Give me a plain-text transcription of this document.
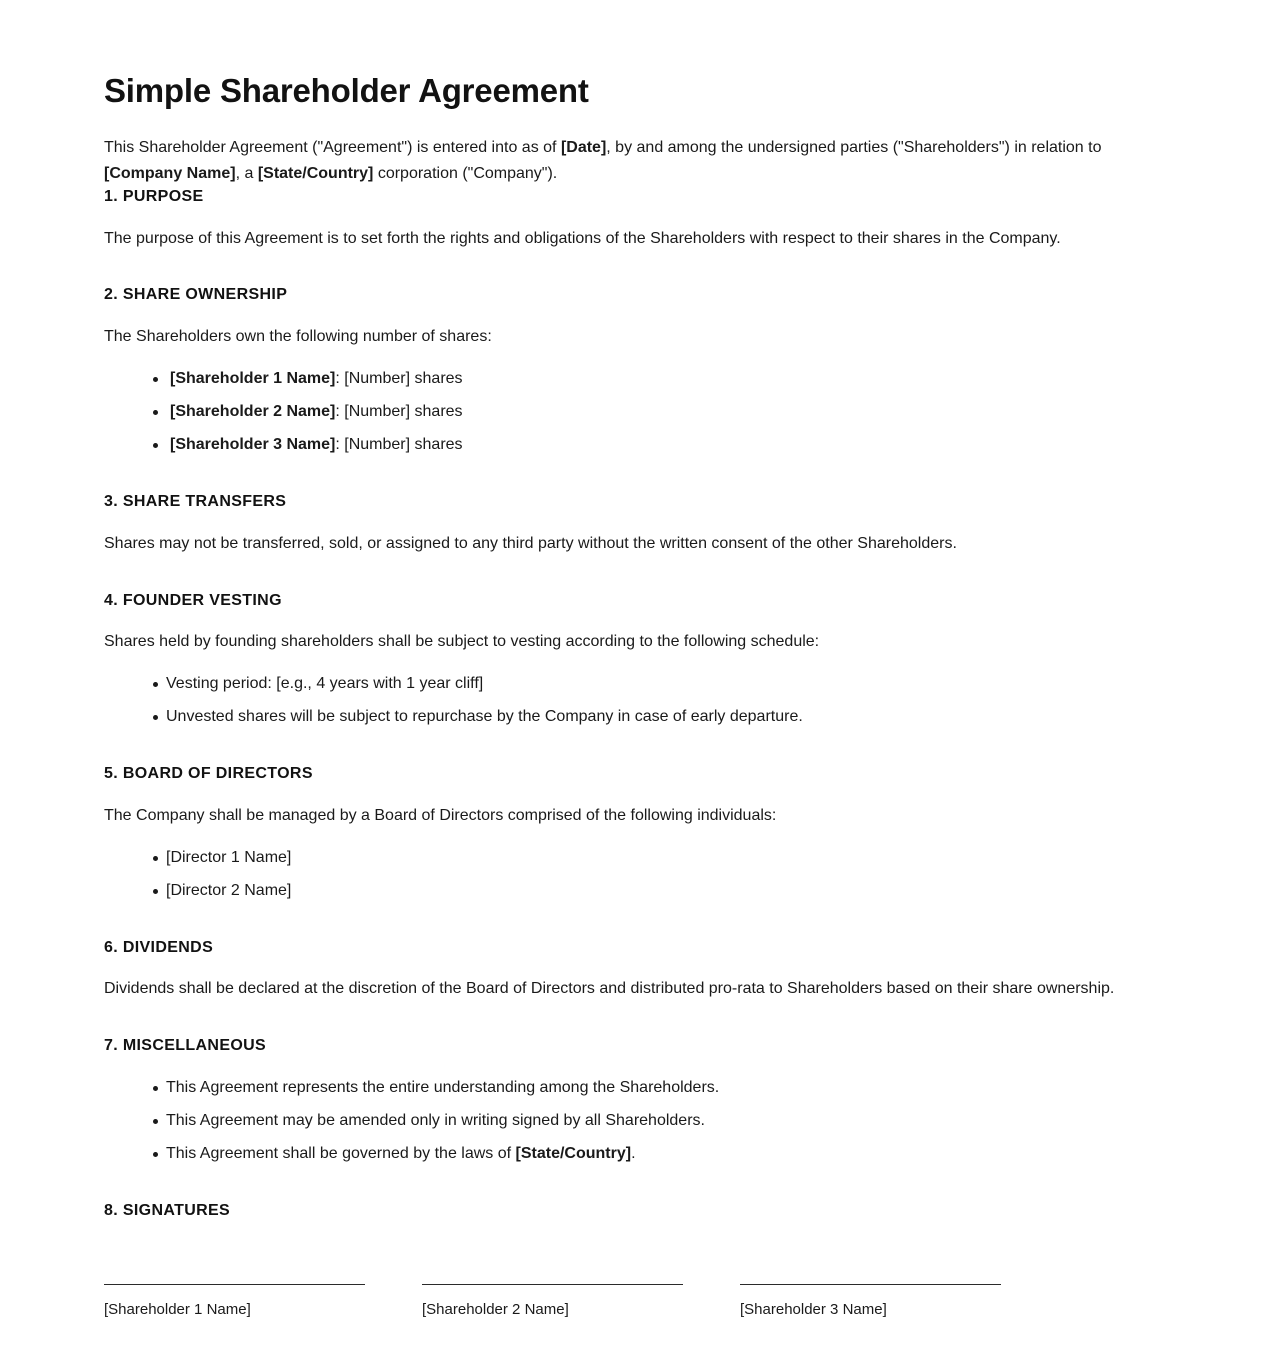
Simple Shareholder Agreement

This Shareholder Agreement ("Agreement") is entered into as of [Date], by and among the undersigned parties ("Shareholders") in relation to [Company Name], a [State/Country] corporation ("Company").

1. PURPOSE

The purpose of this Agreement is to set forth the rights and obligations of the Shareholders with respect to their shares in the Company.

2. SHARE OWNERSHIP

The Shareholders own the following number of shares:

[Shareholder 1 Name]: [Number] shares
[Shareholder 2 Name]: [Number] shares
[Shareholder 3 Name]: [Number] shares
3. SHARE TRANSFERS

Shares may not be transferred, sold, or assigned to any third party without the written consent of the other Shareholders.

4. FOUNDER VESTING

Shares held by founding shareholders shall be subject to vesting according to the following schedule:

Vesting period: [e.g., 4 years with 1 year cliff]
Unvested shares will be subject to repurchase by the Company in case of early departure.
5. BOARD OF DIRECTORS

The Company shall be managed by a Board of Directors comprised of the following individuals:

[Director 1 Name]
[Director 2 Name]
6. DIVIDENDS

Dividends shall be declared at the discretion of the Board of Directors and distributed pro-rata to Shareholders based on their share ownership.

7. MISCELLANEOUS
This Agreement represents the entire understanding among the Shareholders.
This Agreement may be amended only in writing signed by all Shareholders.
This Agreement shall be governed by the laws of [State/Country].
8. SIGNATURES
[Shareholder 1 Name]	[Shareholder 2 Name]	[Shareholder 3 Name]
